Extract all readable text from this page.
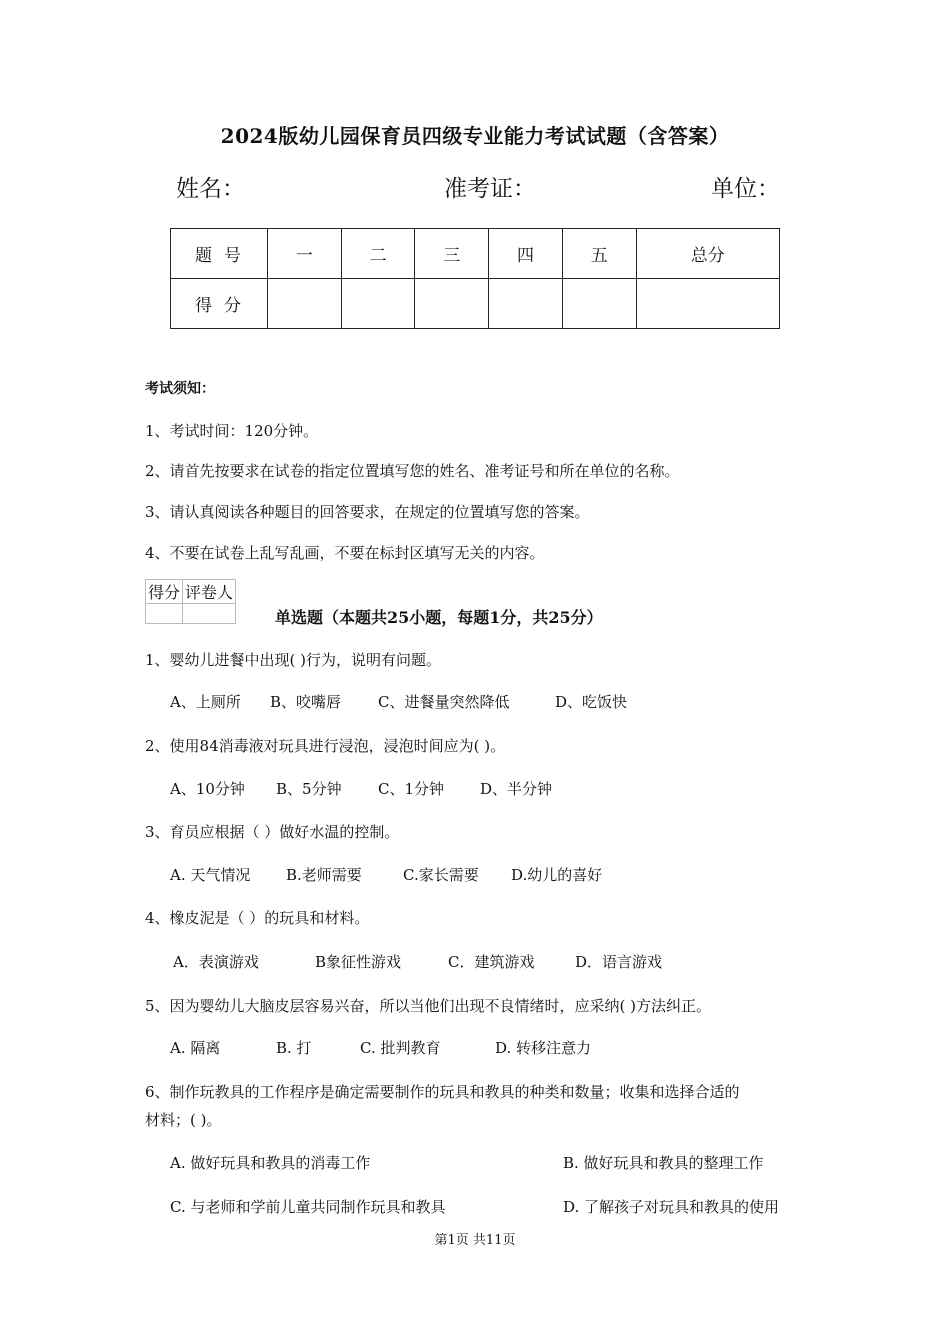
2024版幼儿园保育员四级专业能力考试试题（含答案）
姓名：	准考证：	单位：
题号	一	二	三	四	五	总分
得分						
考试须知：
1、考试时间：120分钟。
2、请首先按要求在试卷的指定位置填写您的姓名、准考证号和所在单位的名称。
3、请认真阅读各种题目的回答要求，在规定的位置填写您的答案。
4、不要在试卷上乱写乱画，不要在标封区填写无关的内容。
得分	评卷人

单选题（本题共25小题，每题1分，共25分）
1、婴幼儿进餐中出现( )行为，说明有问题。
A、上厕所 B、咬嘴唇 C、进餐量突然降低	D、吃饭快
2、使用84消毒液对玩具进行浸泡，浸泡时间应为( )。
A、10分钟 B、5分钟 C、1分钟 D、半分钟
3、育员应根据（ ）做好水温的控制。
A. 天气情况 B.老师需要	C.家长需要 D.幼儿的喜好
4、橡皮泥是（ ）的玩具和材料。
A．表演游戏	B象征性游戏	C．建筑游戏	D．语言游戏
5、因为婴幼儿大脑皮层容易兴奋，所以当他们出现不良情绪时，应采纳( )方法纠正。
A. 隔离	B. 打	C. 批判教育	D. 转移注意力
6、制作玩教具的工作程序是确定需要制作的玩具和教具的种类和数量；收集和选择合适的
材料；( )。
A. 做好玩具和教具的消毒工作	B. 做好玩具和教具的整理工作
C. 与老师和学前儿童共同制作玩具和教具	D. 了解孩子对玩具和教具的使用
第1页 共11页
